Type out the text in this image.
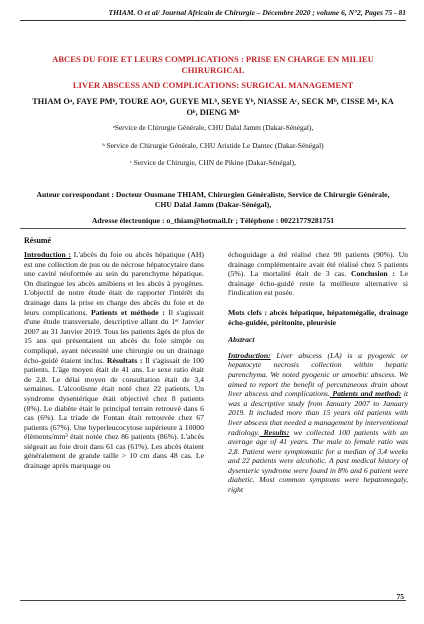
THIAM. O et al/ Journal Africain de Chirurgie – Décembre 2020 ; volume 6, N°2, Pages 75 - 81
ABCES DU FOIE ET LEURS COMPLICATIONS : PRISE EN CHARGE EN MILIEU CHIRURGICAL
LIVER ABSCESS AND COMPLICATIONS: SURGICAL MANAGEMENT
THIAM Oᵃ, FAYE PMᵇ, TOURE AOᵇ, GUEYE MLᵇ, SEYE Yᵇ, NIASSE Aᶜ, SECK Mᵇ, CISSE Mᵃ, KA Oᵇ, DIENG Mᵇ
ᵃService de Chirurgie Générale, CHU Dalal Jamm (Dakar-Sénégal),
ᵇ Service de Chirurgie Générale, CHU Aristide Le Dantec (Dakar-Sénégal)
ᶜ Service de Chirurgie, CHN de Pikine (Dakar-Sénégal),
Auteur correspondant : Docteur Ousmane THIAM, Chirurgien Généraliste, Service de Chirurgie Générale, CHU Dalal Jamm (Dakar-Sénégal),
Adresse électronique : o_thiam@hotmail.fr ; Téléphone : 00221779281751
Résumé

Introduction : L'abcès du foie ou abcès hépatique (AH) est une collection de pus ou de nécrose hépatocytaire dans une cavité néoformée au sein du parenchyme hépatique. On distingue les abcès amibiens et les abcès à pyogènes. L'objectif de notre étude était de rapporter l'intérêt du drainage dans la prise en charge des abcès du foie et de leurs complications. Patients et méthode : Il s'agissait d'une étude transversale, descriptive allant du 1ᵉʳ Janvier 2007 au 31 Janvier 2019. Tous les patients âgés de plus de 15 ans qui présentaient un abcès du foie simple ou compliqué, ayant nécessité une chirurgie ou un drainage écho-guidé étaient inclus. Résultats : Il s'agissait de 100 patients. L'âge moyen était de 41 ans. Le sexe ratio était de 2,8. Le délai moyen de consultation était de 3,4 semaines. L'alcoolisme était noté chez 22 patients. Un syndrome dysentérique était objectivé chez 8 patients (8%). Le diabète était le principal terrain retrouvé dans 6 cas (6%). La triade de Fontan était retrouvée chez 67 patients (67%). Une hyperleucocytose supérieure à 10000 éléments/mm³ était notée chez 86 patients (86%). L'abcès siégeait au foie droit dans 61 cas (61%). Les abcès étaient généralement de grande taille > 10 cm dans 48 cas. Le drainage après marquage ou

échoguidage a été réalisé chez 90 patients (90%). Un drainage complémentaire avait été réalisé chez 5 patients (5%). La mortalité était de 3 cas. Conclusion : Le drainage écho-guidé reste la meilleure alternative si l'indication est posée.

Mots clefs : abcès hépatique, hépatomégalie, drainage écho-guidée, péritonite, pleurésie

Abstract

Introduction: Liver abscess (LA) is a pyogenic or hepatocyte necrosis collection within hepatic parenchyma. We noted pyogenic or amoebic abscess. We aimed to report the benefit of percutaneous drain about liver abscess and complications. Patients and method: it was a descriptive study from January 2007 to January 2019. It included more than 15 years old patients with liver abscess that needed a management by interventional radiology. Results: we collected 100 patients with an average age of 41 years. The male to female ratio was 2,8. Patient were symptomatic for a median of 3,4 weeks and 22 patients were alcoholic. A past medical history of dysenteric syndrome were found in 8% and 6 patient were diabetic. Most common symptoms were hepatomegaly, right

75
